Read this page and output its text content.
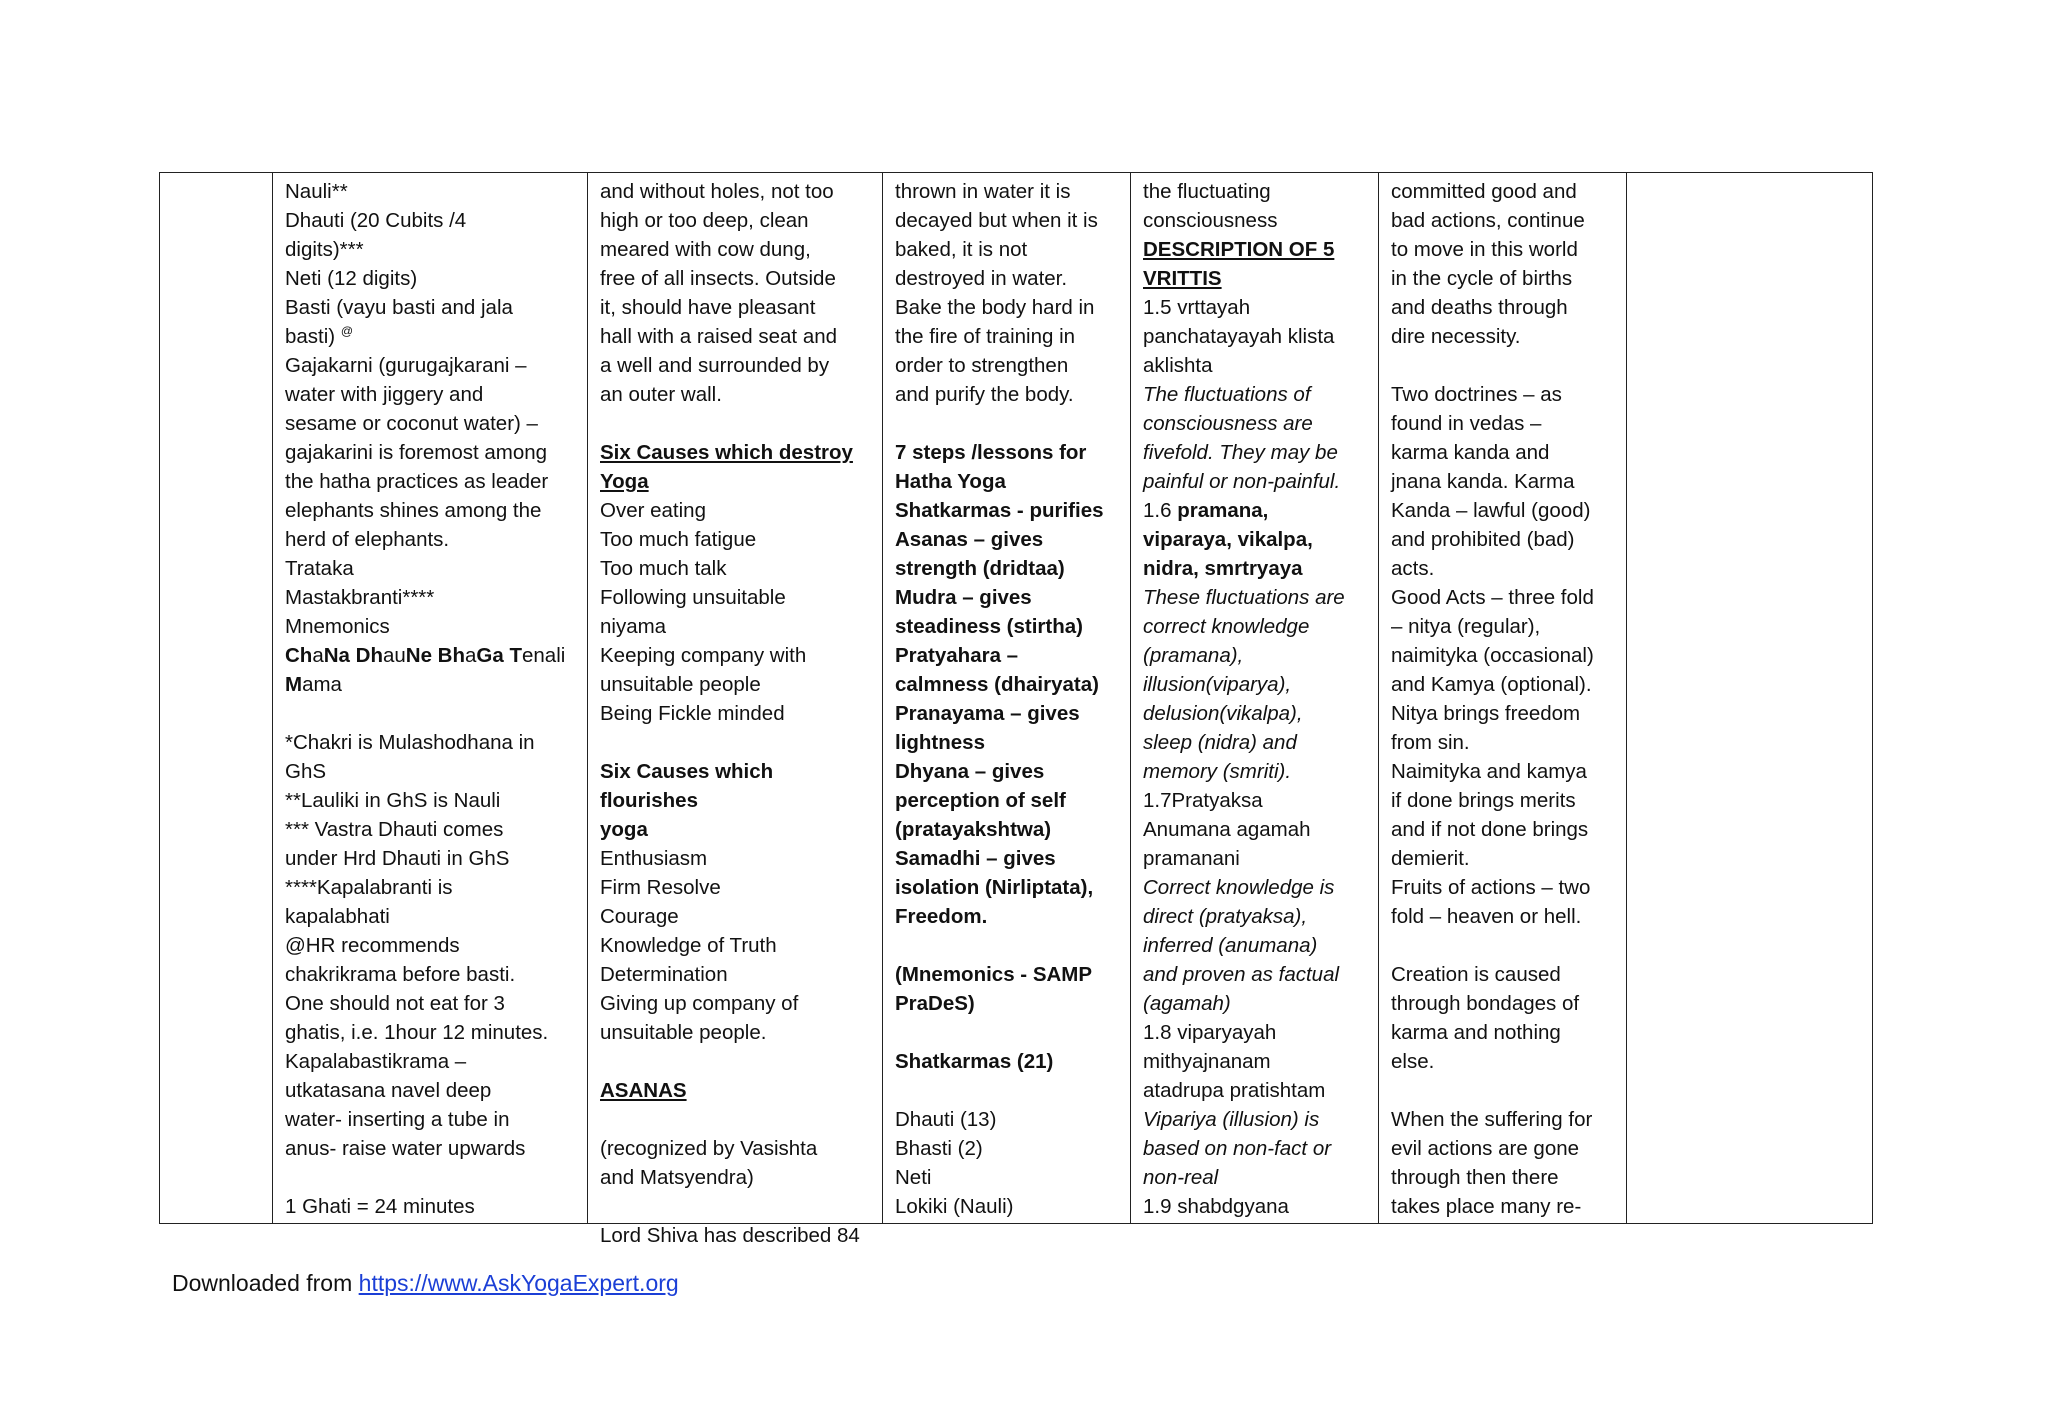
Nauli**
Dhauti (20 Cubits /4
digits)***
Neti (12 digits)
Basti (vayu basti and jala
basti) @
Gajakarni (gurugajkarani –
water with jiggery and
sesame or coconut water) –
gajakarini is foremost among
the hatha practices as leader
elephants shines among the
herd of elephants.
Trataka
Mastakbranti****
Mnemonics
ChaNa DhauNe BhaGa Tenali
Mama
*Chakri is Mulashodhana in
GhS
**Lauliki in GhS is Nauli
*** Vastra Dhauti comes
under Hrd Dhauti in GhS
****Kapalabranti is
kapalabhati
@HR recommends
chakrikrama before basti.
One should not eat for 3
ghatis, i.e. 1hour 12 minutes.
Kapalabastikrama –
utkatasana navel deep
water- inserting a tube in
anus- raise water upwards
1 Ghati = 24 minutes
and without holes, not too
high or too deep, clean
meared with cow dung,
free of all insects. Outside
it, should have pleasant
hall with a raised seat and
a well and surrounded by
an outer wall.
Six Causes which destroy
Yoga
Over eating
Too much fatigue
Too much talk
Following unsuitable
niyama
Keeping company with
unsuitable people
Being Fickle minded
Six Causes which flourishes
yoga
Enthusiasm
Firm Resolve
Courage
Knowledge of Truth
Determination
Giving up company of
unsuitable people.
ASANAS
(recognized by Vasishta
and Matsyendra)
Lord Shiva has described 84
thrown in water it is
decayed but when it is
baked, it is not
destroyed in water.
Bake the body hard in
the fire of training in
order to strengthen
and purify the body.
7 steps /lessons for
Hatha Yoga
Shatkarmas - purifies
Asanas – gives
strength (dridtaa)
Mudra – gives
steadiness (stirtha)
Pratyahara –
calmness (dhairyata)
Pranayama – gives
lightness
Dhyana – gives
perception of self
(pratayakshtwa)
Samadhi – gives
isolation (Nirliptata),
Freedom.
(Mnemonics - SAMP
PraDeS)
Shatkarmas (21)
Dhauti (13)
Bhasti (2)
Neti
Lokiki (Nauli)
the fluctuating
consciousness
DESCRIPTION OF 5
VRITTIS
1.5 vrttayah
panchatayayah klista
aklishta
The fluctuations of
consciousness are
fivefold. They may be
painful or non-painful.
1.6 pramana,
viparaya, vikalpa,
nidra, smrtryaya
These fluctuations are
correct knowledge
(pramana),
illusion(viparya),
delusion(vikalpa),
sleep (nidra) and
memory (smriti).
1.7Pratyaksa
Anumana agamah
pramanani
Correct knowledge is
direct (pratyaksa),
inferred (anumana)
and proven as factual
(agamah)
1.8 viparyayah
mithyajnanam
atadrupa pratishtam
Vipariya (illusion) is
based on non-fact or
non-real
1.9 shabdgyana
committed good and
bad actions, continue
to move in this world
in the cycle of births
and deaths through
dire necessity.
Two doctrines – as
found in vedas –
karma kanda and
jnana kanda. Karma
Kanda – lawful (good)
and prohibited (bad)
acts.
Good Acts – three fold
– nitya (regular),
naimityka (occasional)
and Kamya (optional).
Nitya brings freedom
from sin.
Naimityka and kamya
if done brings merits
and if not done brings
demierit.
Fruits of actions – two
fold – heaven or hell.
Creation is caused
through bondages of
karma and nothing
else.
When the suffering for
evil actions are gone
through then there
takes place many re-
Downloaded from https://www.AskYogaExpert.org
